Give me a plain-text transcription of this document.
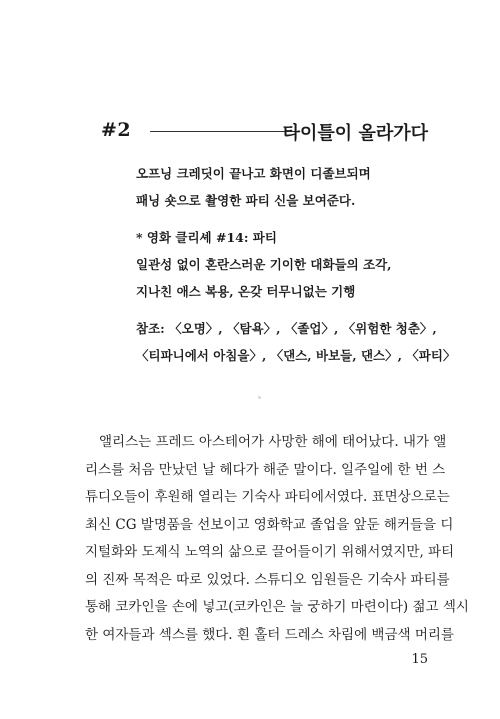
#2	타이틀이 올라가다
오프닝 크레딧이 끝나고 화면이 디졸브되며
패닝 숏으로 촬영한 파티 신을 보여준다.
* 영화 클리셰 #14: 파티
일관성 없이 혼란스러운 기이한 대화들의 조각,
지나친 애스 복용, 온갖 터무니없는 기행
참조: 〈오명〉, 〈탐욕〉, 〈졸업〉, 〈위험한 청춘〉,
〈티파니에서 아침을〉, 〈댄스, 바보들, 댄스〉, 〈파티〉
앨리스는 프레드 아스테어가 사망한 해에 태어났다. 내가 앨
리스를 처음 만났던 날 헤다가 해준 말이다. 일주일에 한 번 스
튜디오들이 후원해 열리는 기숙사 파티에서였다. 표면상으로는
최신 CG 발명품을 선보이고 영화학교 졸업을 앞둔 해커들을 디
지털화와 도제식 노역의 삶으로 끌어들이기 위해서였지만, 파티
의 진짜 목적은 따로 있었다. 스튜디오 임원들은 기숙사 파티를
통해 코카인을 손에 넣고(코카인은 늘 궁하기 마련이다) 젊고 섹시
한 여자들과 섹스를 했다. 흰 홀터 드레스 차림에 백금색 머리를
15
